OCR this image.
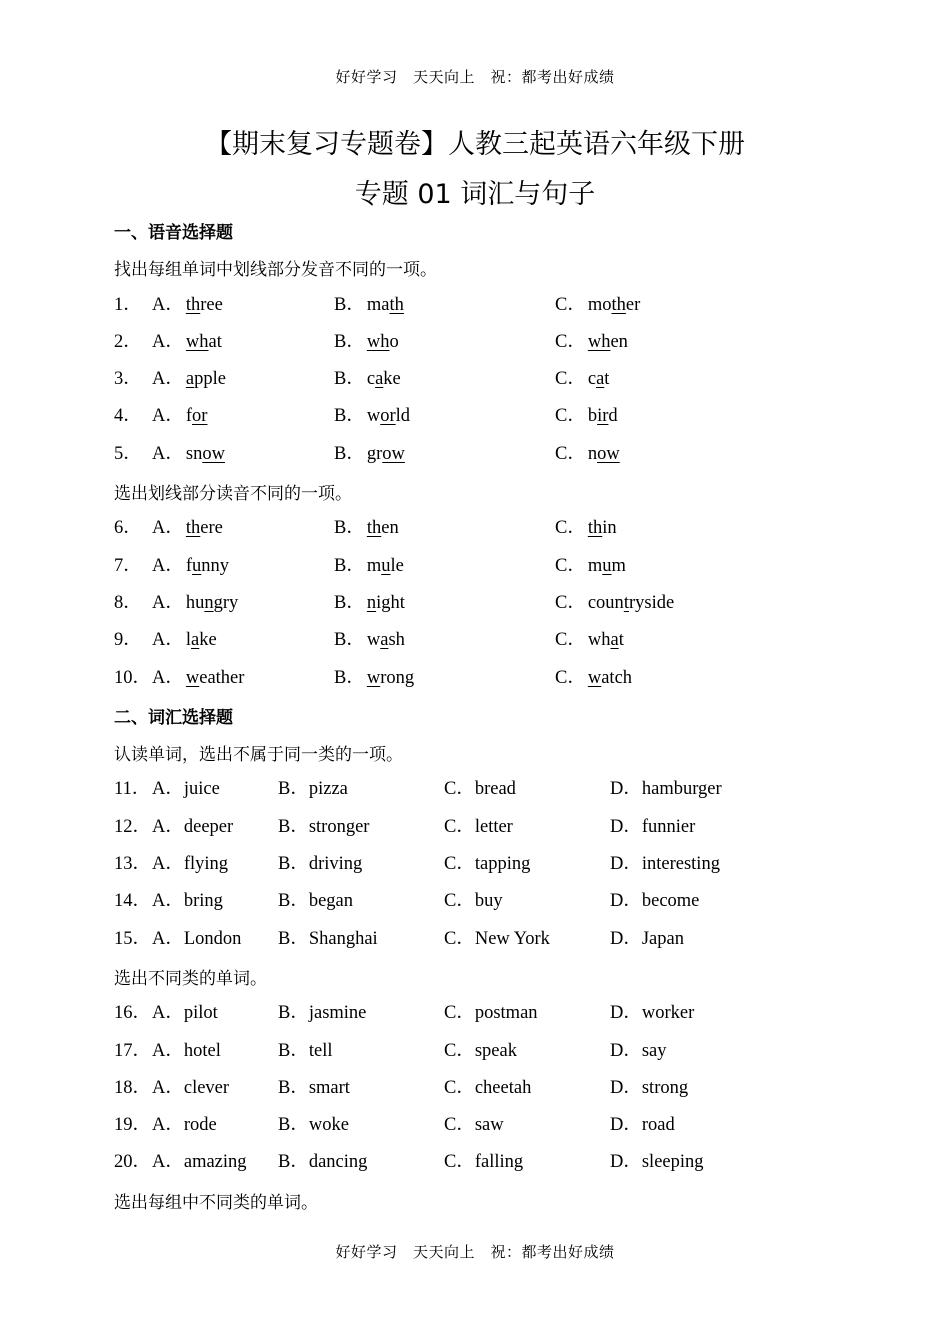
好好学习　天天向上　祝：都考出好成绩
【期末复习专题卷】人教三起英语六年级下册
专题 01 词汇与句子
一、语音选择题
找出每组单词中划线部分发音不同的一项。
1． A． three	B． math	C． mother
2． A． what	B． who	C． when
3． A． apple	B． cake	C． cat
4． A． for	B． world	C． bird
5． A． snow	B． grow	C． now
选出划线部分读音不同的一项。
6． A． there	B． then	C． thin
7． A． funny	B． mule	C． mum
8． A． hungry	B． night	C． countryside
9． A． lake	B． wash	C． what
10． A． weather	B． wrong	C． watch
二、词汇选择题
认读单词，选出不属于同一类的一项。
11． A．juice	B．pizza	C．bread	D．hamburger
12． A．deeper B．stronger	C．letter	D．funnier
13． A．flying	B．driving	C．tapping	D．interesting
14． A．bring	B．began	C．buy	D．become
15． A．London B．Shanghai	C．New York	D．Japan
选出不同类的单词。
16． A．pilot	B．jasmine	C．postman	D．worker
17． A．hotel	B．tell	C．speak	D．say
18． A．clever	B．smart	C．cheetah	D．strong
19． A．rode	B．woke	C．saw	D．road
20． A．amazing B．dancing	C．falling	D．sleeping
选出每组中不同类的单词。
好好学习　天天向上　祝：都考出好成绩
